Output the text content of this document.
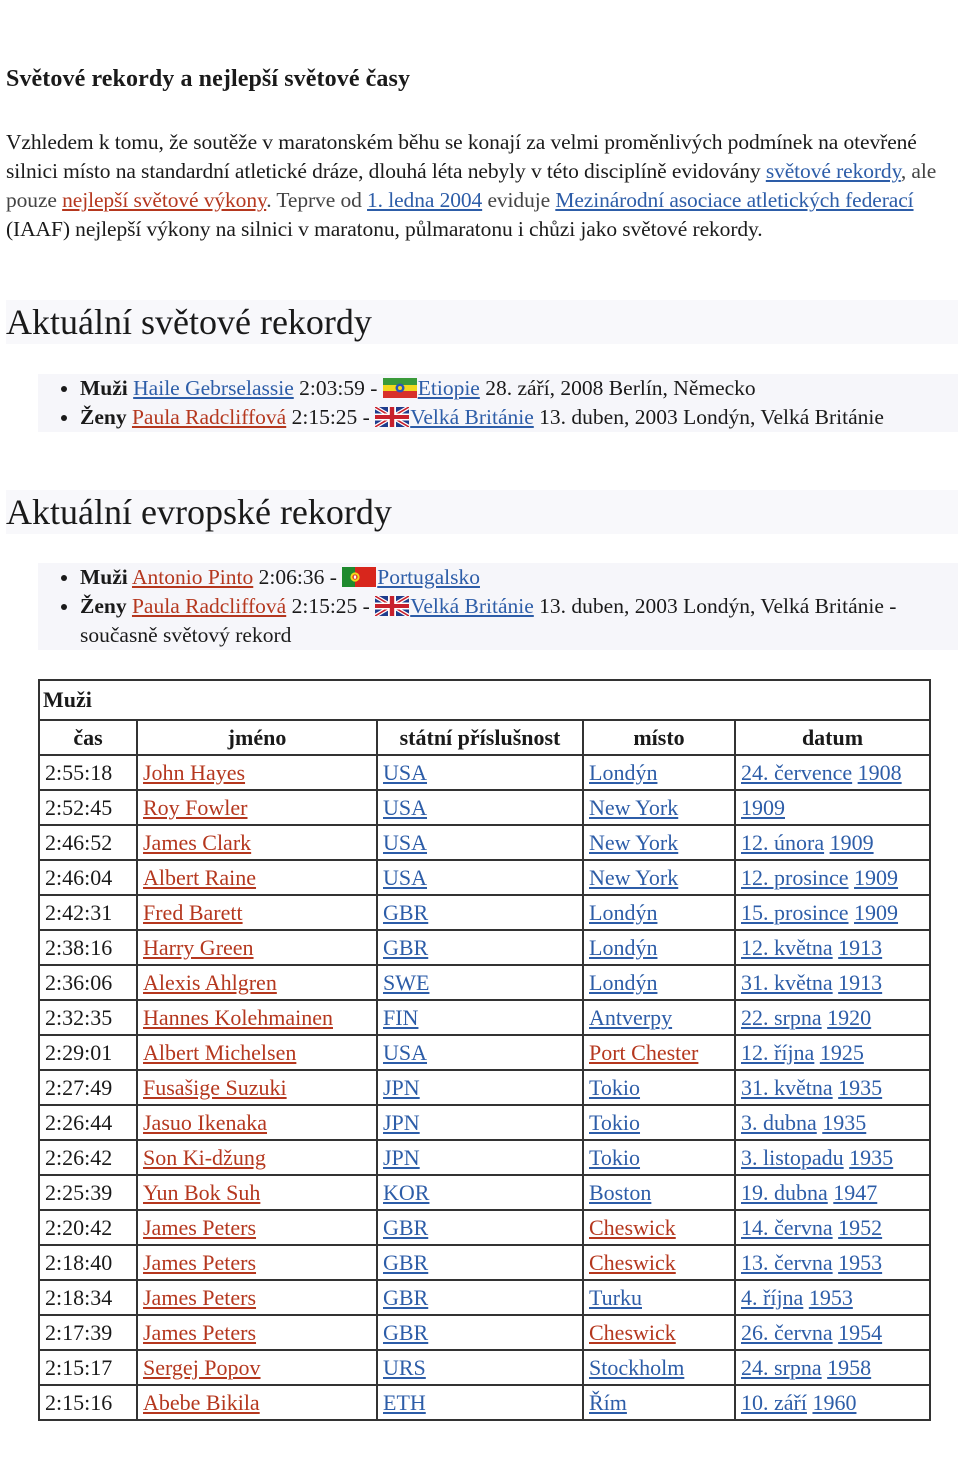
Světové rekordy a nejlepší světové časy

Vzhledem k tomu, že soutěže v maratonském běhu se konají za velmi proměnlivých podmínek na otevřené silnici místo na standardní atletické dráze, dlouhá léta nebyly v této disciplíně evidovány světové rekordy, ale pouze nejlepší světové výkony. Teprve od 1. ledna 2004 eviduje Mezinárodní asociace atletických federací (IAAF) nejlepší výkony na silnici v maratonu, půlmaratonu i chůzi jako světové rekordy.

Aktuální světové rekordy
• Muži Haile Gebrselassie 2:03:59 - Etiopie 28. září, 2008 Berlín, Německo
• Ženy Paula Radcliffová 2:15:25 - Velká Británie 13. duben, 2003 Londýn, Velká Británie
Aktuální evropské rekordy
• Muži Antonio Pinto 2:06:36 - Portugalsko
• Ženy Paula Radcliffová 2:15:25 - Velká Británie 13. duben, 2003 Londýn, Velká Británie - současně světový rekord
Muži				
čas	jméno	státní příslušnost	místo	datum
2:55:18	John Hayes	USA	Londýn	24. července 1908
2:52:45	Roy Fowler	USA	New York	1909
2:46:52	James Clark	USA	New York	12. února 1909
2:46:04	Albert Raine	USA	New York	12. prosince 1909
2:42:31	Fred Barett	GBR	Londýn	15. prosince 1909
2:38:16	Harry Green	GBR	Londýn	12. května 1913
2:36:06	Alexis Ahlgren	SWE	Londýn	31. května 1913
2:32:35	Hannes Kolehmainen	FIN	Antverpy	22. srpna 1920
2:29:01	Albert Michelsen	USA	Port Chester	12. října 1925
2:27:49	Fusašige Suzuki	JPN	Tokio	31. května 1935
2:26:44	Jasuo Ikenaka	JPN	Tokio	3. dubna 1935
2:26:42	Son Ki-džung	JPN	Tokio	3. listopadu 1935
2:25:39	Yun Bok Suh	KOR	Boston	19. dubna 1947
2:20:42	James Peters	GBR	Cheswick	14. června 1952
2:18:40	James Peters	GBR	Cheswick	13. června 1953
2:18:34	James Peters	GBR	Turku	4. října 1953
2:17:39	James Peters	GBR	Cheswick	26. června 1954
2:15:17	Sergej Popov	URS	Stockholm	24. srpna 1958
2:15:16	Abebe Bikila	ETH	Řím	10. září 1960
